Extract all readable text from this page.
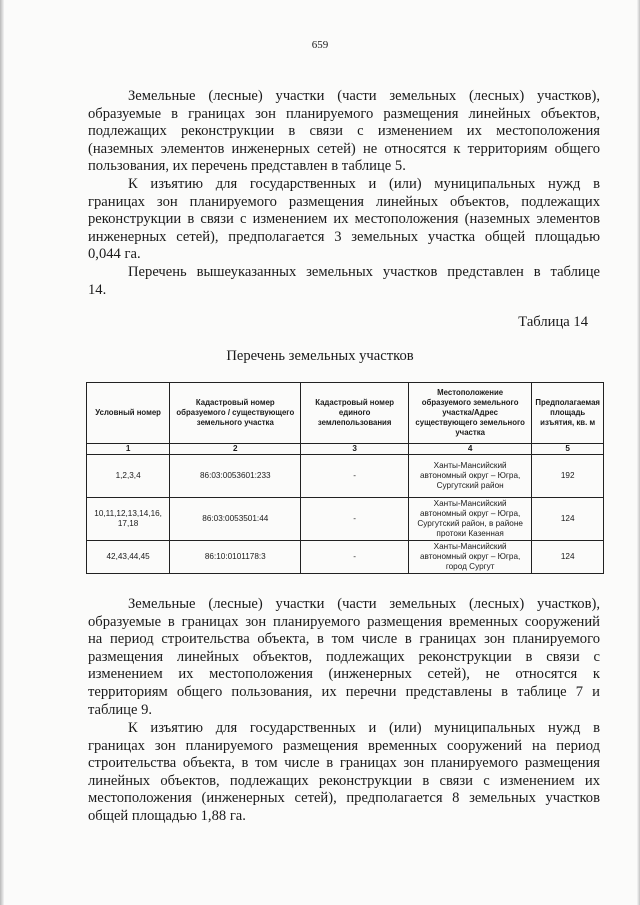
659

Земельные (лесные) участки (части земельных (лесных) участков),
образуемые в границах зон планируемого размещения линейных объектов,
подлежащих реконструкции в связи с изменением их местоположения
(наземных элементов инженерных сетей) не относятся к территориям общего
пользования, их перечень представлен в таблице 5.

К изъятию для государственных и (или) муниципальных нужд в
границах зон планируемого размещения линейных объектов, подлежащих
реконструкции в связи с изменением их местоположения (наземных элементов
инженерных сетей), предполагается 3 земельных участка общей площадью
0,044 га.

Перечень вышеуказанных земельных участков представлен в таблице
14.

Таблица 14
Перечень земельных участков
Условный номер	Кадастровый номер образуемого / существующего земельного участка	Кадастровый номер единого землепользования	Местоположение образуемого земельного участка/Адрес существующего земельного участка	Предполагаемая площадь изъятия, кв. м
1	2	3	4	5
1,2,3,4	86:03:0053601:233	-	Ханты-Мансийский автономный округ – Югра, Сургутский район	192
10,11,12,13,14,16, 17,18	86:03:0053501:44	-	Ханты-Мансийский автономный округ – Югра, Сургутский район, в районе протоки Казенная	124
42,43,44,45	86:10:0101178:3	-	Ханты-Мансийский автономный округ – Югра, город Сургут	124

Земельные (лесные) участки (части земельных (лесных) участков),
образуемые в границах зон планируемого размещения временных сооружений
на период строительства объекта, в том числе в границах зон планируемого
размещения линейных объектов, подлежащих реконструкции в связи с
изменением их местоположения (инженерных сетей), не относятся к
территориям общего пользования, их перечни представлены в таблице 7 и
таблице 9.

К изъятию для государственных и (или) муниципальных нужд в
границах зон планируемого размещения временных сооружений на период
строительства объекта, в том числе в границах зон планируемого размещения
линейных объектов, подлежащих реконструкции в связи с изменением их
местоположения (инженерных сетей), предполагается 8 земельных участков
общей площадью 1,88 га.
